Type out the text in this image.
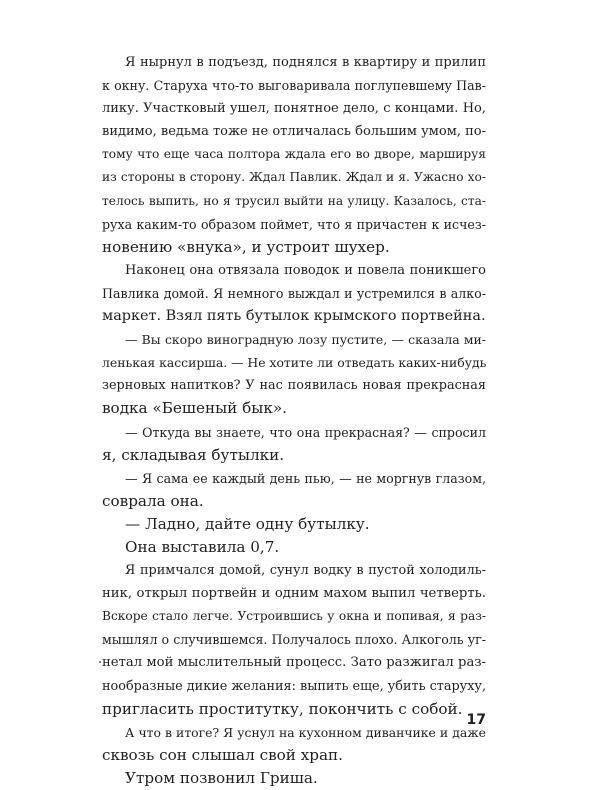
Я нырнул в подъезд, поднялся в квартиру и прилип
к окну. Старуха что-то выговаривала поглупевшему Пав-
лику. Участковый ушел, понятное дело, с концами. Но,
видимо, ведьма тоже не отличалась большим умом, по-
тому что еще часа полтора ждала его во дворе, маршируя
из стороны в сторону. Ждал Павлик. Ждал и я. Ужасно хо-
телось выпить, но я трусил выйти на улицу. Казалось, ста-
руха каким-то образом поймет, что я причастен к исчез-
новению «внука», и устроит шухер.
Наконец она отвязала поводок и повела поникшего
Павлика домой. Я немного выждал и устремился в алко-
маркет. Взял пять бутылок крымского портвейна.
— Вы скоро виноградную лозу пустите, — сказала ми-
ленькая кассирша. — Не хотите ли отведать каких-нибудь
зерновых напитков? У нас появилась новая прекрасная
водка «Бешеный бык».
— Откуда вы знаете, что она прекрасная? — спросил
я, складывая бутылки.
— Я сама ее каждый день пью, — не моргнув глазом,
соврала она.
— Ладно, дайте одну бутылку.
Она выставила 0,7.
Я примчался домой, сунул водку в пустой холодиль-
ник, открыл портвейн и одним махом выпил четверть.
Вскоре стало легче. Устроившись у окна и попивая, я раз-
мышлял о случившемся. Получалось плохо. Алкоголь уг-
нетал мой мыслительный процесс. Зато разжигал раз-
нообразные дикие желания: выпить еще, убить старуху,
пригласить проститутку, покончить с собой.
А что в итоге? Я уснул на кухонном диванчике и даже
сквозь сон слышал свой храп.
Утром позвонил Гриша.
17
